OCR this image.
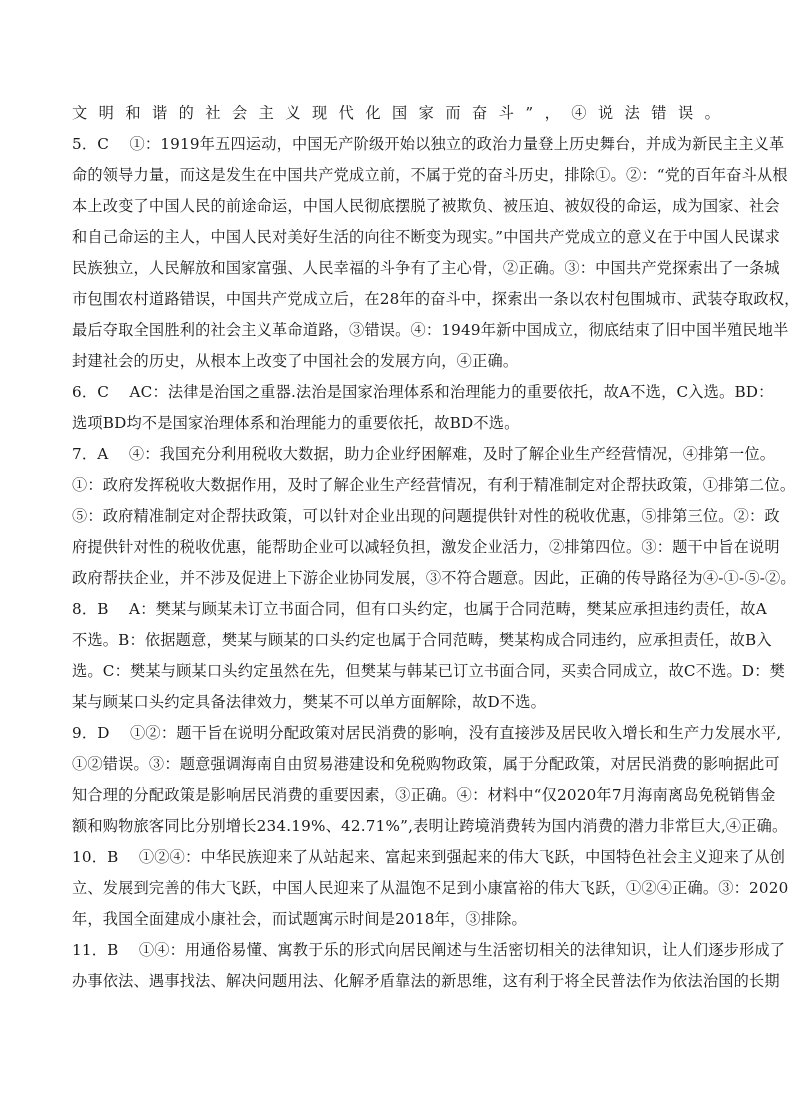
文明和谐的社会主义现代化国家而奋斗”，④说法错误。
5．C　 ①：1919年五四运动，中国无产阶级开始以独立的政治力量登上历史舞台，并成为新民主主义革
命的领导力量，而这是发生在中国共产党成立前，不属于党的奋斗历史，排除①。②：“党的百年奋斗从根
本上改变了中国人民的前途命运，中国人民彻底摆脱了被欺负、被压迫、被奴役的命运，成为国家、社会
和自己命运的主人，中国人民对美好生活的向往不断变为现实。”中国共产党成立的意义在于中国人民谋求
民族独立，人民解放和国家富强、人民幸福的斗争有了主心骨，②正确。③：中国共产党探索出了一条城
市包围农村道路错误，中国共产党成立后，在28年的奋斗中，探索出一条以农村包围城市、武装夺取政权，
最后夺取全国胜利的社会主义革命道路，③错误。④：1949年新中国成立，彻底结束了旧中国半殖民地半
封建社会的历史，从根本上改变了中国社会的发展方向，④正确。
6．C　 AC：法律是治国之重器.法治是国家治理体系和治理能力的重要依托，故A不选，C入选。BD：
选项BD均不是国家治理体系和治理能力的重要依托，故BD不选。
7．A　 ④：我国充分利用税收大数据，助力企业纾困解难，及时了解企业生产经营情况，④排第一位。
①：政府发挥税收大数据作用，及时了解企业生产经营情况，有利于精准制定对企帮扶政策，①排第二位。
⑤：政府精准制定对企帮扶政策，可以针对企业出现的问题提供针对性的税收优惠，⑤排第三位。②：政
府提供针对性的税收优惠，能帮助企业可以减轻负担，激发企业活力，②排第四位。③：题干中旨在说明
政府帮扶企业，并不涉及促进上下游企业协同发展，③不符合题意。因此，正确的传导路径为④-①-⑤-②。
8．B　 A：樊某与顾某未订立书面合同，但有口头约定，也属于合同范畴，樊某应承担违约责任，故A
不选。B：依据题意，樊某与顾某的口头约定也属于合同范畴，樊某构成合同违约，应承担责任，故B入
选。C：樊某与顾某口头约定虽然在先，但樊某与韩某已订立书面合同，买卖合同成立，故C不选。D：樊
某与顾某口头约定具备法律效力，樊某不可以单方面解除，故D不选。
9．D　 ①②：题干旨在说明分配政策对居民消费的影响，没有直接涉及居民收入增长和生产力发展水平,
①②错误。③：题意强调海南自由贸易港建设和免税购物政策，属于分配政策，对居民消费的影响据此可
知合理的分配政策是影响居民消费的重要因素，③正确。④：材料中“仅2020年7月海南离岛免税销售金
额和购物旅客同比分别增长234.19%、42.71%”,表明让跨境消费转为国内消费的潜力非常巨大,④正确。
10．B　 ①②④：中华民族迎来了从站起来、富起来到强起来的伟大飞跃，中国特色社会主义迎来了从创
立、发展到完善的伟大飞跃，中国人民迎来了从温饱不足到小康富裕的伟大飞跃，①②④正确。③：2020
年，我国全面建成小康社会，而试题寓示时间是2018年，③排除。
11．B　 ①④：用通俗易懂、寓教于乐的形式向居民阐述与生活密切相关的法律知识，让人们逐步形成了
办事依法、遇事找法、解决问题用法、化解矛盾靠法的新思维，这有利于将全民普法作为依法治国的长期
